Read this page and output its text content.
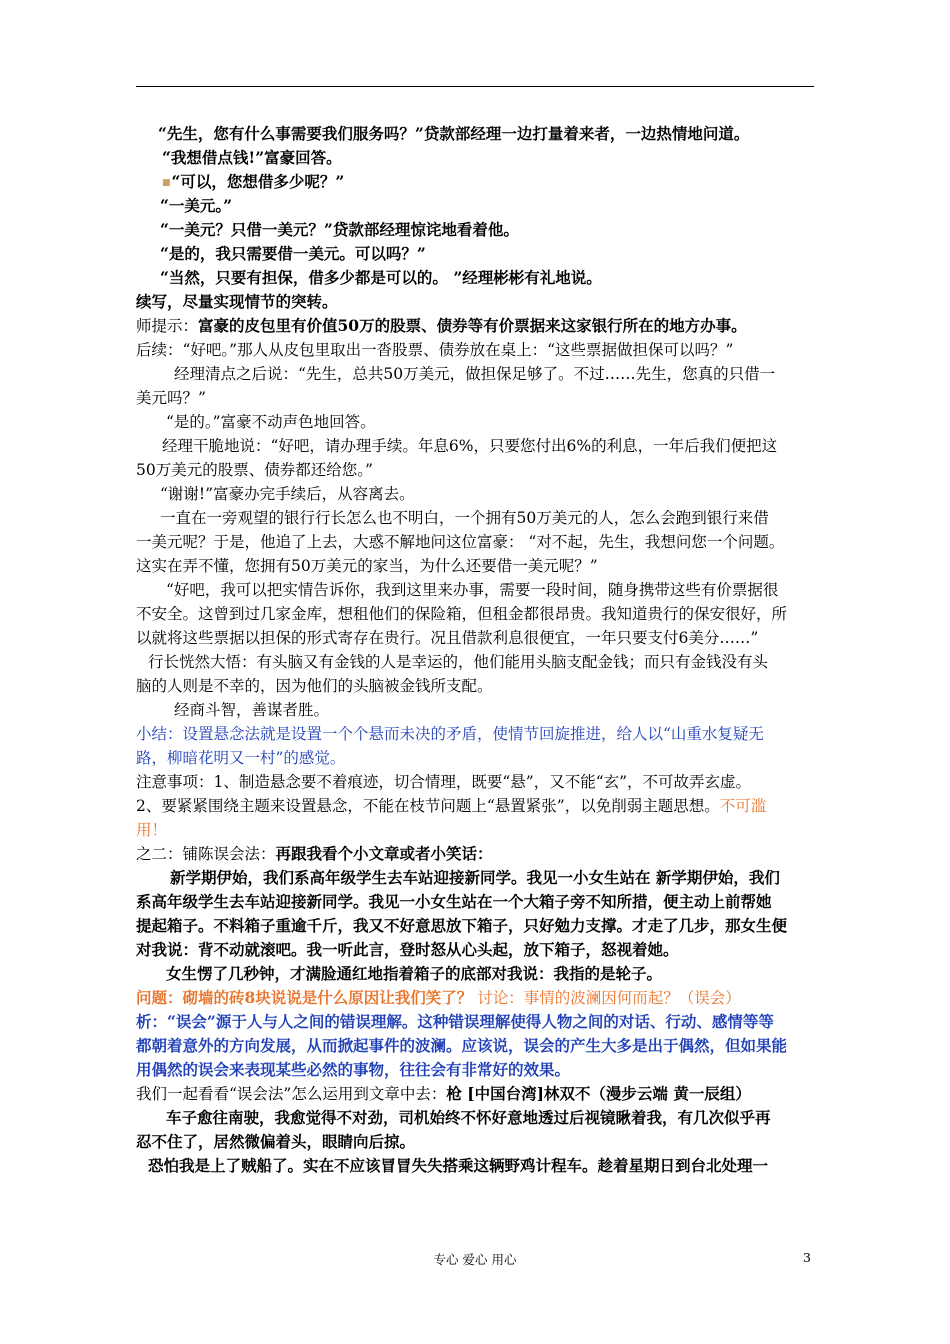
“先生，您有什么事需要我们服务吗？”贷款部经理一边打量着来者，一边热情地问道。
“我想借点钱!”富豪回答。
■“可以，您想借多少呢？”
“一美元。”
“一美元？只借一美元？”贷款部经理惊诧地看着他。
“是的，我只需要借一美元。可以吗？”
“当然，只要有担保，借多少都是可以的。 ”经理彬彬有礼地说。
续写，尽量实现情节的突转。
师提示：富豪的皮包里有价值50万的股票、债券等有价票据来这家银行所在的地方办事。
后续：“好吧。”那人从皮包里取出一沓股票、债券放在桌上：“这些票据做担保可以吗？”
经理清点之后说：“先生，总共50万美元，做担保足够了。不过……先生，您真的只借一
美元吗？”
“是的。”富豪不动声色地回答。
经理干脆地说：“好吧，请办理手续。年息6%，只要您付出6%的利息，一年后我们便把这
50万美元的股票、债券都还给您。”
“谢谢!”富豪办完手续后，从容离去。
一直在一旁观望的银行行长怎么也不明白，一个拥有50万美元的人，怎么会跑到银行来借
一美元呢？于是，他追了上去，大惑不解地问这位富豪： “对不起，先生，我想问您一个问题。
这实在弄不懂，您拥有50万美元的家当，为什么还要借一美元呢？”
“好吧，我可以把实情告诉你，我到这里来办事，需要一段时间，随身携带这些有价票据很
不安全。这曾到过几家金库，想租他们的保险箱，但租金都很昂贵。我知道贵行的保安很好，所
以就将这些票据以担保的形式寄存在贵行。况且借款利息很便宜，一年只要支付6美分……”
行长恍然大悟：有头脑又有金钱的人是幸运的，他们能用头脑支配金钱；而只有金钱没有头
脑的人则是不幸的，因为他们的头脑被金钱所支配。
经商斗智，善谋者胜。
小结：设置悬念法就是设置一个个悬而未决的矛盾，使情节回旋推进，给人以“山重水复疑无
路，柳暗花明又一村”的感觉。
注意事项：1、制造悬念要不着痕迹，切合情理，既要“悬”，又不能“玄”，不可故弄玄虚。
2、要紧紧围绕主题来设置悬念，不能在枝节问题上“悬置紧张”，以免削弱主题思想。不可滥
用！
之二：铺陈误会法：再跟我看个小文章或者小笑话：
新学期伊始，我们系高年级学生去车站迎接新同学。我见一小女生站在 新学期伊始，我们
系高年级学生去车站迎接新同学。我见一小女生站在一个大箱子旁不知所措，便主动上前帮她
提起箱子。不料箱子重逾千斤，我又不好意思放下箱子，只好勉力支撑。才走了几步，那女生便
对我说：背不动就滚吧。我一听此言，登时怒从心头起，放下箱子，怒视着她。
女生愣了几秒钟，才满脸通红地指着箱子的底部对我说：我指的是轮子。
问题：砌墙的砖8块说说是什么原因让我们笑了？ 讨论：事情的波澜因何而起？（误会）
析：“误会”源于人与人之间的错误理解。这种错误理解使得人物之间的对话、行动、感情等等
都朝着意外的方向发展，从而掀起事件的波澜。应该说，误会的产生大多是出于偶然，但如果能
用偶然的误会来表现某些必然的事物，往往会有非常好的效果。
我们一起看看“误会法”怎么运用到文章中去：枪 [中国台湾]林双不（漫步云端 黄一辰组）
车子愈往南驶，我愈觉得不对劲，司机始终不怀好意地透过后视镜瞅着我，有几次似乎再
忍不住了，居然微偏着头，眼睛向后掠。
恐怕我是上了贼船了。实在不应该冒冒失失搭乘这辆野鸡计程车。趁着星期日到台北处理一
专心 爱心 用心	3
